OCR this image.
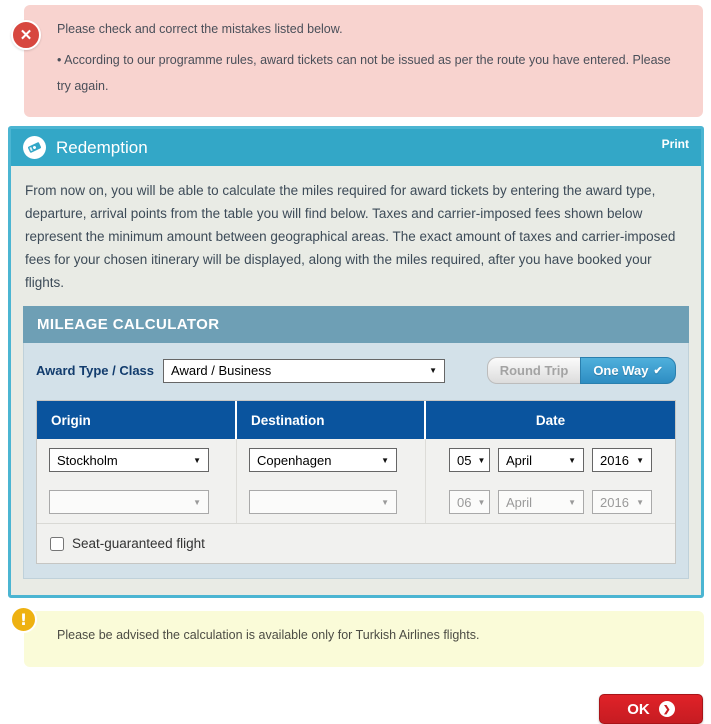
✕ Please check and correct the mistakes listed below.
• According to our programme rules, award tickets can not be issued as per the route you have entered. Please try again.
Redemption	Print
From now on, you will be able to calculate the miles required for award tickets by entering the award type, departure, arrival points from the table you will find below. Taxes and carrier-imposed fees shown below represent the minimum amount between geographical areas. The exact amount of taxes and carrier-imposed fees for your chosen itinerary will be displayed, along with the miles required, after you have booked your flights.
MILEAGE CALCULATOR
Award Type / Class Award / Business	▼	Round Trip One Way ✔
Origin	Destination	Date
Stockholm	▼	Copenhagen	▼	05 ▼ April	▼ 2016 ▼
▼	▼	06 ▼ April	▼ 2016 ▼
Seat-guaranteed flight
!
Please be advised the calculation is available only for Turkish Airlines flights.
OK ❯
